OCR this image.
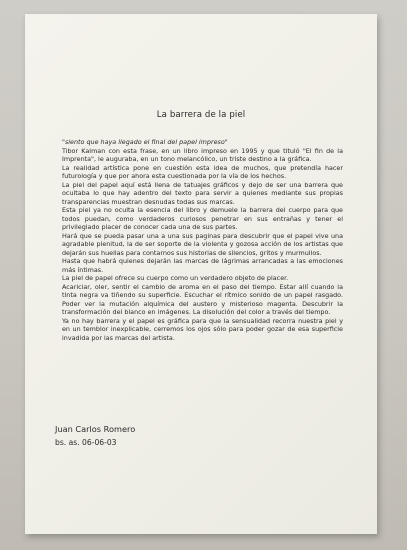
La barrera de la piel

"siento que haya llegado el final del papel impreso"

Tibor Kalman con esta frase, en un libro impreso en 1995 y que tituló "El fin de la Imprenta", le auguraba, en un tono melancólico, un triste destino a la gráfica.

La realidad artística pone en cuestión esta idea de muchos, que pretendía hacer futurología y que por ahora esta cuestionada por la vía de los hechos.

La piel del papel aquí está llena de tatuajes gráficos y dejo de ser una barrera que ocultaba lo que hay adentro del texto para servir a quienes mediante sus propias transparencias muestran desnudas todas sus marcas.

Esta piel ya no oculta la esencia del libro y demuele la barrera del cuerpo para que todos puedan, como verdaderos curiosos penetrar en sus entrañas y tener el privilegiado placer de conocer cada una de sus partes.

Hará que se pueda pasar una a una sus paginas para descubrir que el papel vive una agradable plenitud, la de ser soporte de la violenta y gozosa acción de los artistas que dejarán sus huellas para contarnos sus historias de silencios, gritos y murmullos.

Hasta que habrá quienes dejarán las marcas de lágrimas arrancadas a las emociones más íntimas.

La piel de papel ofrece su cuerpo como un verdadero objeto de placer.

Acariciar, oler, sentir el cambio de aroma en el paso del tiempo. Estar allí cuando la tinta negra va tiñendo su superficie. Escuchar el rítmico sonido de un papel rasgado. Poder ver la mutación alquímica del austero y misterioso magenta. Descubrir la transformación del blanco en imágenes. La disolución del color a través del tiempo.

Ya no hay barrera y el papel es gráfica para que la sensualidad recorra nuestra piel y en un temblor inexplicable, cerremos los ojos sólo para poder gozar de esa superficie invadida por las marcas del artista.

Juan Carlos Romero
bs. as. 06-06-03
